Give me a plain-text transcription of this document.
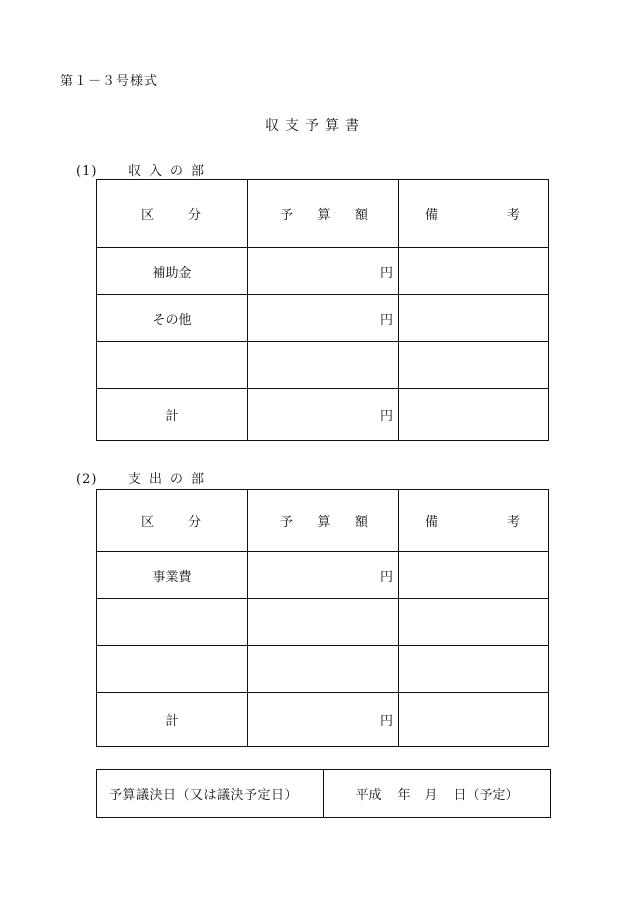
第１－３号様式
収支予算書
(1) 収入の部
区 分	予 算 額	備 考

補助金	円	
その他	円	

計	円	
(2) 支出の部
区 分	予 算 額	備 考

事業費	円	

計	円	
予算議決日（又は議決予定日）	平成 年 月 日（予定）
